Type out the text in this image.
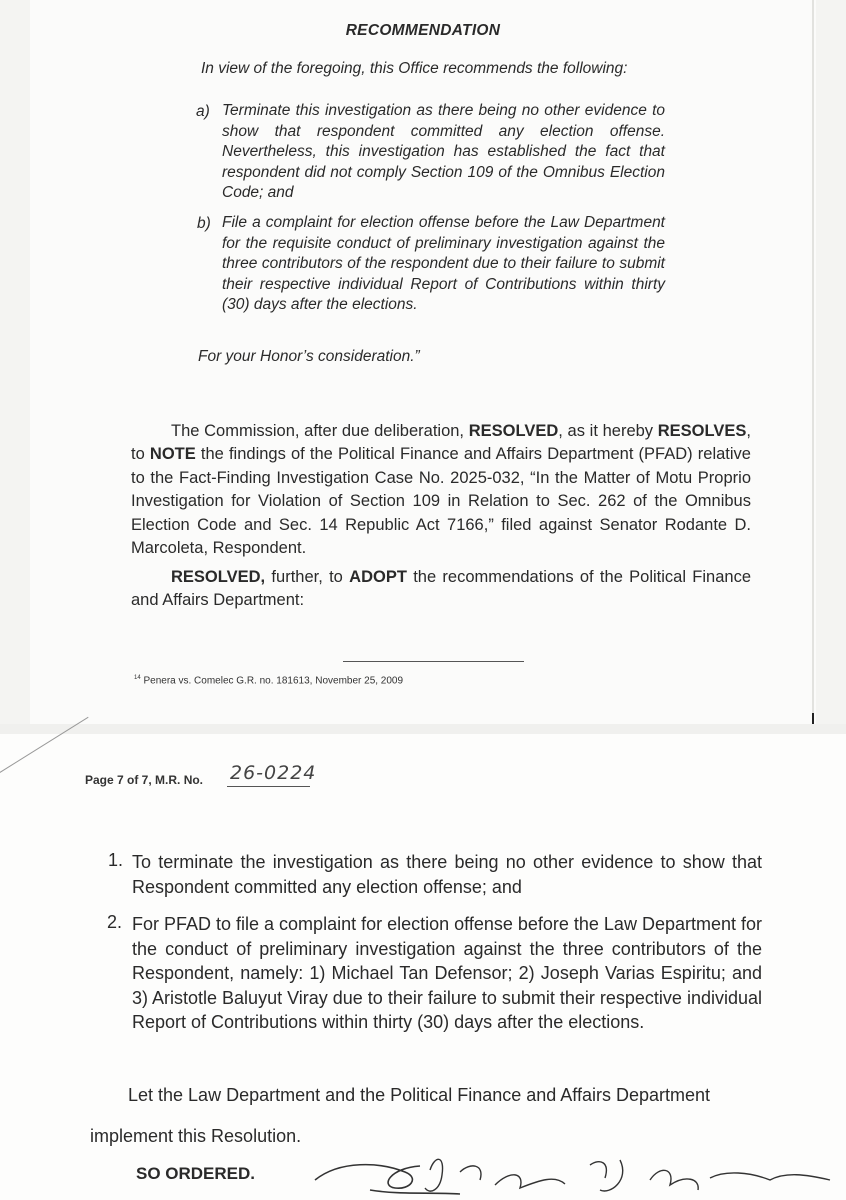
RECOMMENDATION

In view of the foregoing, this Office recommends the following:

a) Terminate this investigation as there being no other evidence to show that respondent committed any election offense. Nevertheless, this investigation has established the fact that respondent did not comply Section 109 of the Omnibus Election Code; and
b) File a complaint for election offense before the Law Department for the requisite conduct of preliminary investigation against the three contributors of the respondent due to their failure to submit their respective individual Report of Contributions within thirty (30) days after the elections.

For your Honor’s consideration.”

The Commission, after due deliberation, RESOLVED, as it hereby RESOLVES, to NOTE the findings of the Political Finance and Affairs Department (PFAD) relative to the Fact-Finding Investigation Case No. 2025-032, “In the Matter of Motu Proprio Investigation for Violation of Section 109 in Relation to Sec. 262 of the Omnibus Election Code and Sec. 14 Republic Act 7166,” filed against Senator Rodante D. Marcoleta, Respondent.
RESOLVED, further, to ADOPT the recommendations of the Political Finance and Affairs Department:

$^{14}$ Penera vs. Comelec G.R. no. 181613, November 25, 2009

Page 7 of 7, M.R. No. 26-0224

1. To terminate the investigation as there being no other evidence to show that Respondent committed any election offense; and
2. For PFAD to file a complaint for election offense before the Law Department for the conduct of preliminary investigation against the three contributors of the Respondent, namely: 1) Michael Tan Defensor; 2) Joseph Varias Espiritu; and 3) Aristotle Baluyut Viray due to their failure to submit their respective individual Report of Contributions within thirty (30) days after the elections.
Let the Law Department and the Political Finance and Affairs Department
implement this Resolution.

SO ORDERED.
